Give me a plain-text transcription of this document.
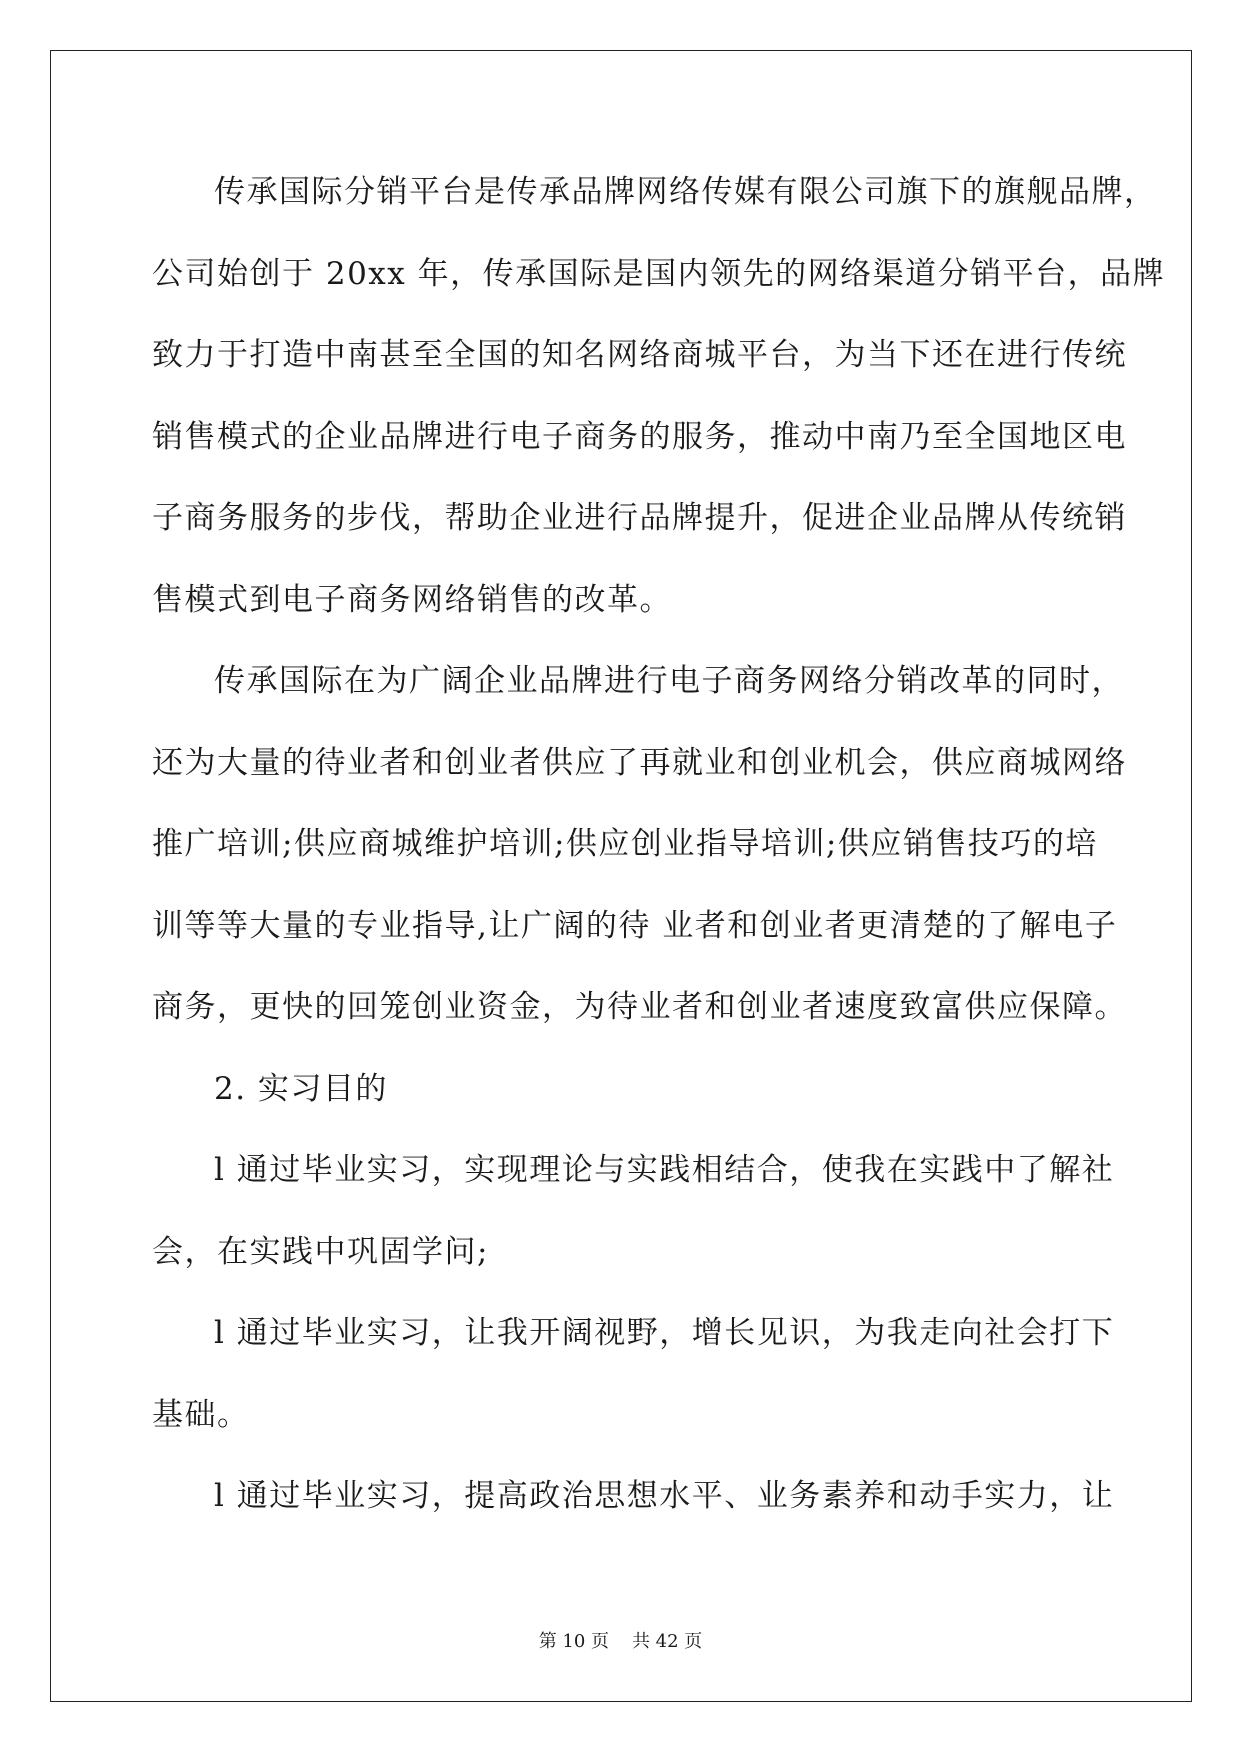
传承国际分销平台是传承品牌网络传媒有限公司旗下的旗舰品牌，
公司始创于 20xx 年，传承国际是国内领先的网络渠道分销平台，品牌
致力于打造中南甚至全国的知名网络商城平台，为当下还在进行传统
销售模式的企业品牌进行电子商务的服务，推动中南乃至全国地区电
子商务服务的步伐，帮助企业进行品牌提升，促进企业品牌从传统销
售模式到电子商务网络销售的改革。
传承国际在为广阔企业品牌进行电子商务网络分销改革的同时，
还为大量的待业者和创业者供应了再就业和创业机会，供应商城网络
推广培训;供应商城维护培训;供应创业指导培训;供应销售技巧的培
训等等大量的专业指导,让广阔的待 业者和创业者更清楚的了解电子
商务，更快的回笼创业资金，为待业者和创业者速度致富供应保障。
2. 实习目的
l 通过毕业实习，实现理论与实践相结合，使我在实践中了解社
会，在实践中巩固学问;
l 通过毕业实习，让我开阔视野，增长见识，为我走向社会打下
基础。
l 通过毕业实习，提高政治思想水平、业务素养和动手实力，让
第 10 页 共 42 页
